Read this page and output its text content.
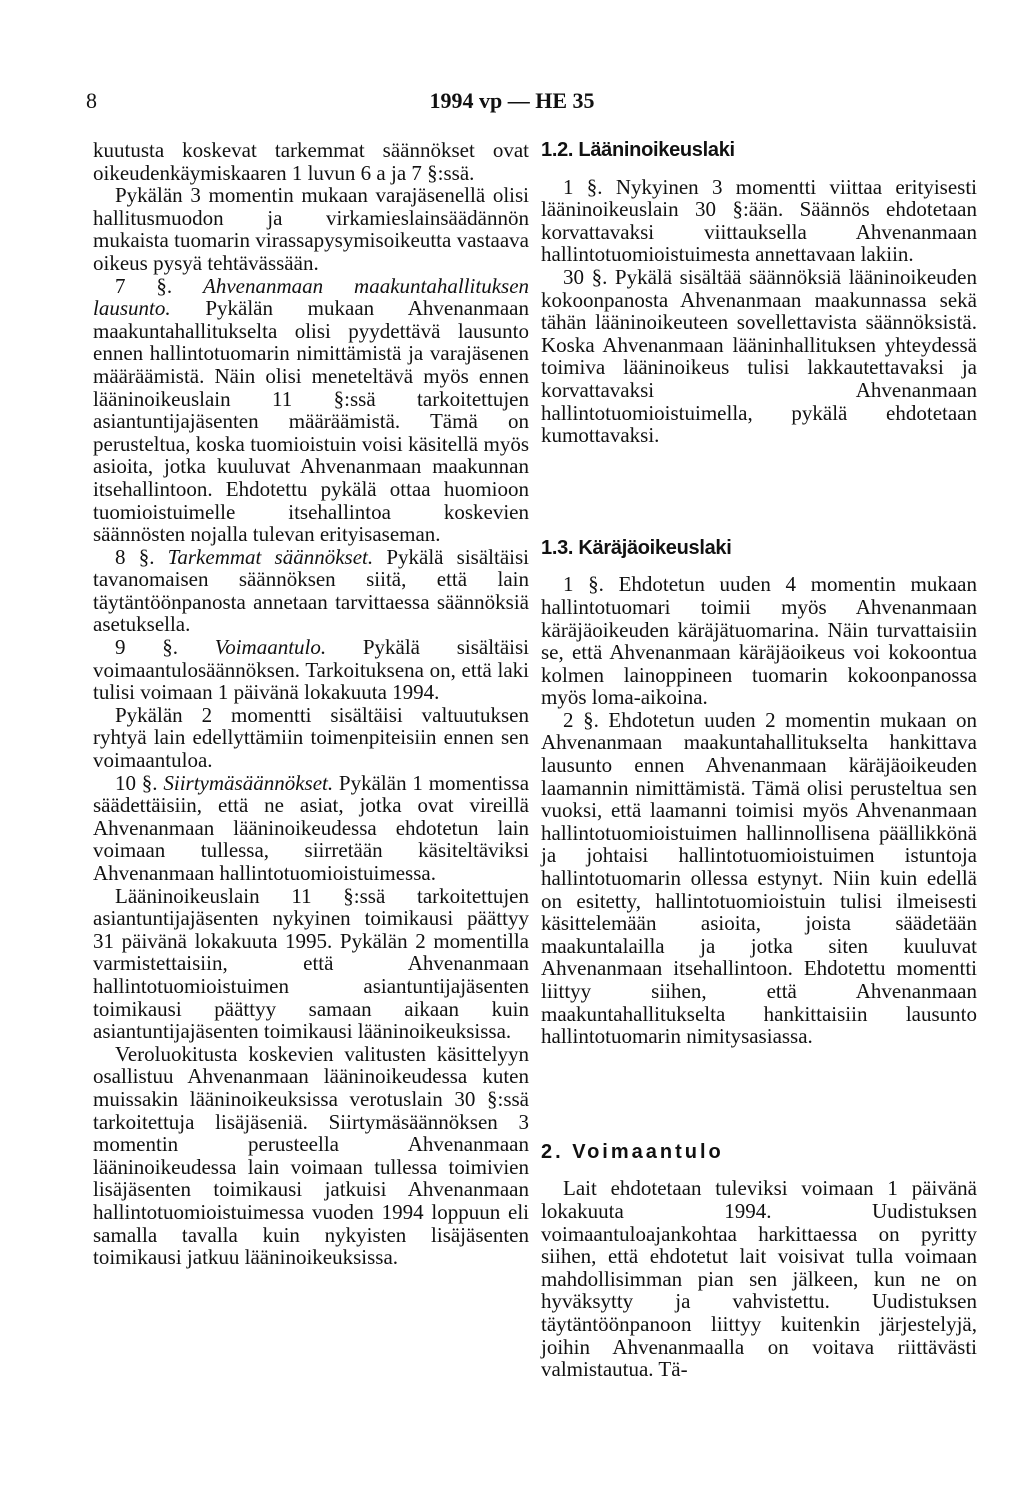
8	1994 vp — HE 35

kuutusta koskevat tarkemmat säännökset ovat oikeudenkäymiskaaren 1 luvun 6 a ja 7 §:ssä.

Pykälän 3 momentin mukaan varajäsenellä olisi hallitusmuodon ja virkamieslainsäädännön mukaista tuomarin virassapysymisoikeutta vastaava oikeus pysyä tehtävässään.

7 §. Ahvenanmaan maakuntahallituksen lausunto. Pykälän mukaan Ahvenanmaan maakuntahallitukselta olisi pyydettävä lausunto ennen hallintotuomarin nimittämistä ja varajäsenen määräämistä. Näin olisi meneteltävä myös ennen lääninoikeuslain 11 §:ssä tarkoitettujen asiantuntijajäsenten määräämistä. Tämä on perusteltua, koska tuomioistuin voisi käsitellä myös asioita, jotka kuuluvat Ahvenanmaan maakunnan itsehallintoon. Ehdotettu pykälä ottaa huomioon tuomioistuimelle itsehallintoa koskevien säännösten nojalla tulevan erityisaseman.

8 §. Tarkemmat säännökset. Pykälä sisältäisi tavanomaisen säännöksen siitä, että lain täytäntöönpanosta annetaan tarvittaessa säännöksiä asetuksella.

9 §. Voimaantulo. Pykälä sisältäisi voimaantulosäännöksen. Tarkoituksena on, että laki tulisi voimaan 1 päivänä lokakuuta 1994.

Pykälän 2 momentti sisältäisi valtuutuksen ryhtyä lain edellyttämiin toimenpiteisiin ennen sen voimaantuloa.

10 §. Siirtymäsäännökset. Pykälän 1 momentissa säädettäisiin, että ne asiat, jotka ovat vireillä Ahvenanmaan lääninoikeudessa ehdotetun lain voimaan tullessa, siirretään käsiteltäviksi Ahvenanmaan hallintotuomioistuimessa.

Lääninoikeuslain 11 §:ssä tarkoitettujen asiantuntijajäsenten nykyinen toimikausi päättyy 31 päivänä lokakuuta 1995. Pykälän 2 momentilla varmistettaisiin, että Ahvenanmaan hallintotuomioistuimen asiantuntijajäsenten toimikausi päättyy samaan aikaan kuin asiantuntijajäsenten toimikausi lääninoikeuksissa.

Veroluokitusta koskevien valitusten käsittelyyn osallistuu Ahvenanmaan lääninoikeudessa kuten muissakin lääninoikeuksissa verotuslain 30 §:ssä tarkoitettuja lisäjäseniä. Siirtymäsäännöksen 3 momentin perusteella Ahvenanmaan lääninoikeudessa lain voimaan tullessa toimivien lisäjäsenten toimikausi jatkuisi Ahvenanmaan hallintotuomioistuimessa vuoden 1994 loppuun eli samalla tavalla kuin nykyisten lisäjäsenten toimikausi jatkuu lääninoikeuksissa.

1.2. Lääninoikeuslaki

1 §. Nykyinen 3 momentti viittaa erityisesti lääninoikeuslain 30 §:ään. Säännös ehdotetaan korvattavaksi viittauksella Ahvenanmaan hallintotuomioistuimesta annettavaan lakiin.

30 §. Pykälä sisältää säännöksiä lääninoikeuden kokoonpanosta Ahvenanmaan maakunnassa sekä tähän lääninoikeuteen sovellettavista säännöksistä. Koska Ahvenanmaan lääninhallituksen yhteydessä toimiva lääninoikeus tulisi lakkautettavaksi ja korvattavaksi Ahvenanmaan hallintotuomioistuimella, pykälä ehdotetaan kumottavaksi.

1.3. Käräjäoikeuslaki

1 §. Ehdotetun uuden 4 momentin mukaan hallintotuomari toimii myös Ahvenanmaan käräjäoikeuden käräjätuomarina. Näin turvattaisiin se, että Ahvenanmaan käräjäoikeus voi kokoontua kolmen lainoppineen tuomarin kokoonpanossa myös loma-aikoina.

2 §. Ehdotetun uuden 2 momentin mukaan on Ahvenanmaan maakuntahallitukselta hankittava lausunto ennen Ahvenanmaan käräjäoikeuden laamannin nimittämistä. Tämä olisi perusteltua sen vuoksi, että laamanni toimisi myös Ahvenanmaan hallintotuomioistuimen hallinnollisena päällikkönä ja johtaisi hallintotuomioistuimen istuntoja hallintotuomarin ollessa estynyt. Niin kuin edellä on esitetty, hallintotuomioistuin tulisi ilmeisesti käsittelemään asioita, joista säädetään maakuntalailla ja jotka siten kuuluvat Ahvenanmaan itsehallintoon. Ehdotettu momentti liittyy siihen, että Ahvenanmaan maakuntahallitukselta hankittaisiin lausunto hallintotuomarin nimitysasiassa.

2. Voimaantulo

Lait ehdotetaan tuleviksi voimaan 1 päivänä lokakuuta 1994. Uudistuksen voimaantuloajankohtaa harkittaessa on pyritty siihen, että ehdotetut lait voisivat tulla voimaan mahdollisimman pian sen jälkeen, kun ne on hyväksytty ja vahvistettu. Uudistuksen täytäntöönpanoon liittyy kuitenkin järjestelyjä, joihin Ahvenanmaalla on voitava riittävästi valmistautua. Tä-
